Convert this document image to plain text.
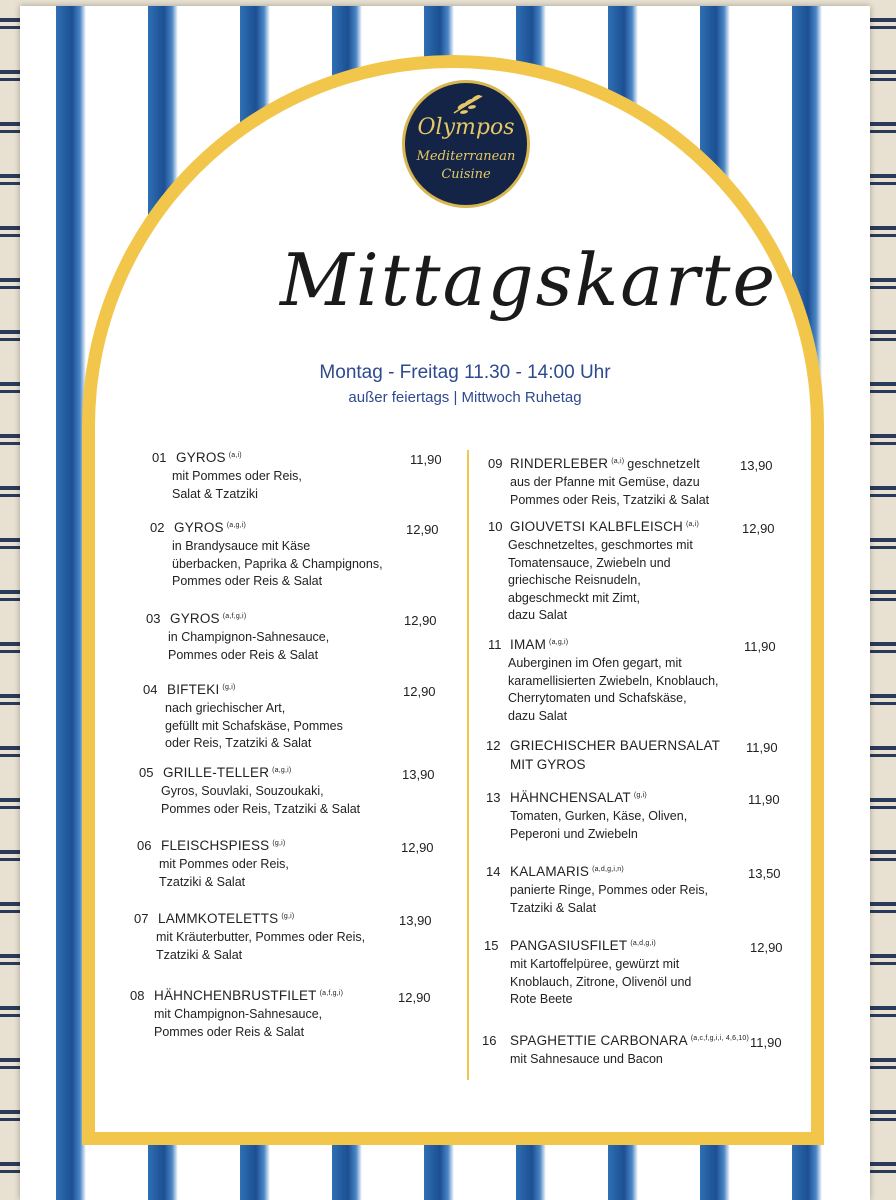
Olympos
Mediterranean
Cuisine
Mittagskarte
Montag - Freitag 11.30 - 14:00 Uhr
außer feiertags | Mittwoch Ruhetag
01 GYROS $^{(a,i)}$	11,90
mit Pommes oder Reis,
Salat & Tzatziki
02 GYROS $^{(a,g,i)}$	12,90
in Brandysauce mit Käse
überbacken, Paprika & Champignons,
Pommes oder Reis & Salat
03 GYROS $^{(a,f,g,i)}$	12,90
in Champignon-Sahnesauce,
Pommes oder Reis & Salat
04 BIFTEKI $^{(g,i)}$	12,90
nach griechischer Art,
gefüllt mit Schafskäse, Pommes
oder Reis, Tzatziki & Salat
05 GRILLE-TELLER $^{(a,g,i)}$	13,90
Gyros, Souvlaki, Souzoukaki,
Pommes oder Reis, Tzatziki & Salat
06 FLEISCHSPIESS $^{(g,i)}$	12,90
mit Pommes oder Reis,
Tzatziki & Salat
07 LAMMKOTELETTS $^{(g,i)}$	13,90
mit Kräuterbutter, Pommes oder Reis,
Tzatziki & Salat
08 HÄHNCHENBRUSTFILET $^{(a,f,g,i)}$	12,90
mit Champignon-Sahnesauce,
Pommes oder Reis & Salat
09 RINDERLEBER $^{(a,i)}$ geschnetzelt	13,90
aus der Pfanne mit Gemüse, dazu
Pommes oder Reis, Tzatziki & Salat
10 GIOUVETSI KALBFLEISCH $^{(a,i)}$	12,90
Geschnetzeltes, geschmortes mit
Tomatensauce, Zwiebeln und
griechische Reisnudeln,
abgeschmeckt mit Zimt,
dazu Salat
11 IMAM $^{(a,g,i)}$	11,90
Auberginen im Ofen gegart, mit
karamellisierten Zwiebeln, Knoblauch,
Cherrytomaten und Schafskäse,
dazu Salat
12 GRIECHISCHER BAUERNSALAT 11,90
MIT GYROS
13 HÄHNCHENSALAT $^{(g,i)}$	11,90
Tomaten, Gurken, Käse, Oliven,
Peperoni und Zwiebeln
14 KALAMARIS $^{(a,d,g,i,n)}$	13,50
panierte Ringe, Pommes oder Reis,
Tzatziki & Salat
15 PANGASIUSFILET $^{(a,d,g,i)}$	12,90
mit Kartoffelpüree, gewürzt mit
Knoblauch, Zitrone, Olivenöl und
Rote Beete
16 SPAGHETTIE CARBONARA $^{(a,c,f,g,i,i, 4,6,10)}$ 11,90
mit Sahnesauce und Bacon
